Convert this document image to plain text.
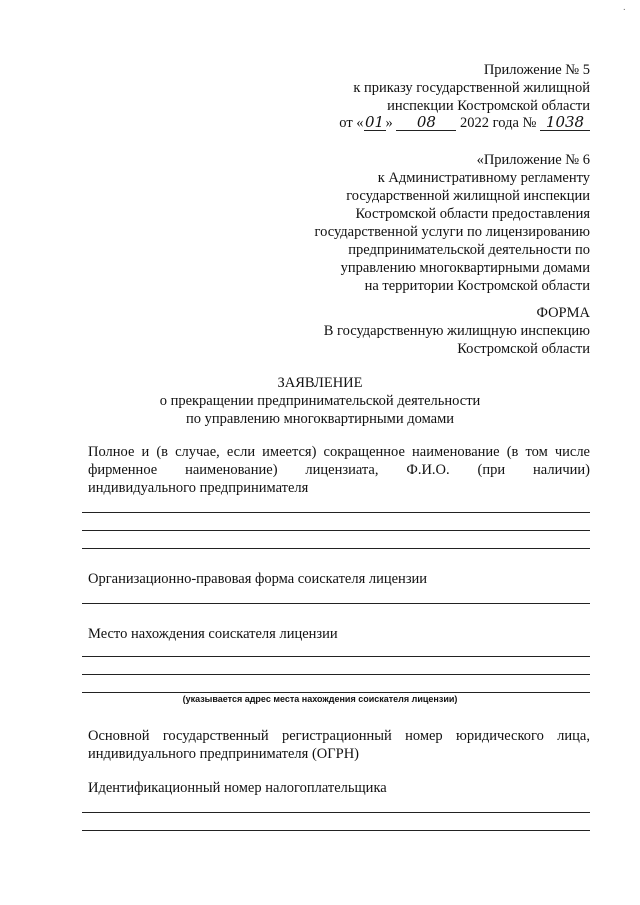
·
Приложение № 5
к приказу государственной жилищной
инспекции Костромской области
от «01» 08 2022 года № 1038
«Приложение № 6
к Административному регламенту
государственной жилищной инспекции
Костромской области предоставления
государственной услуги по лицензированию
предпринимательской деятельности по
управлению многоквартирными домами
на территории Костромской области
ФОРМА
В государственную жилищную инспекцию
Костромской области
ЗАЯВЛЕНИЕ
о прекращении предпринимательской деятельности
по управлению многоквартирными домами
Полное и (в случае, если имеется) сокращенное наименование (в том числе
фирменное наименование) лицензиата, Ф.И.О. (при наличии)
индивидуального предпринимателя
Организационно-правовая форма соискателя лицензии
Место нахождения соискателя лицензии
(указывается адрес места нахождения соискателя лицензии)
Основной государственный регистрационный номер юридического лица,
индивидуального предпринимателя (ОГРН)
Идентификационный номер налогоплательщика
